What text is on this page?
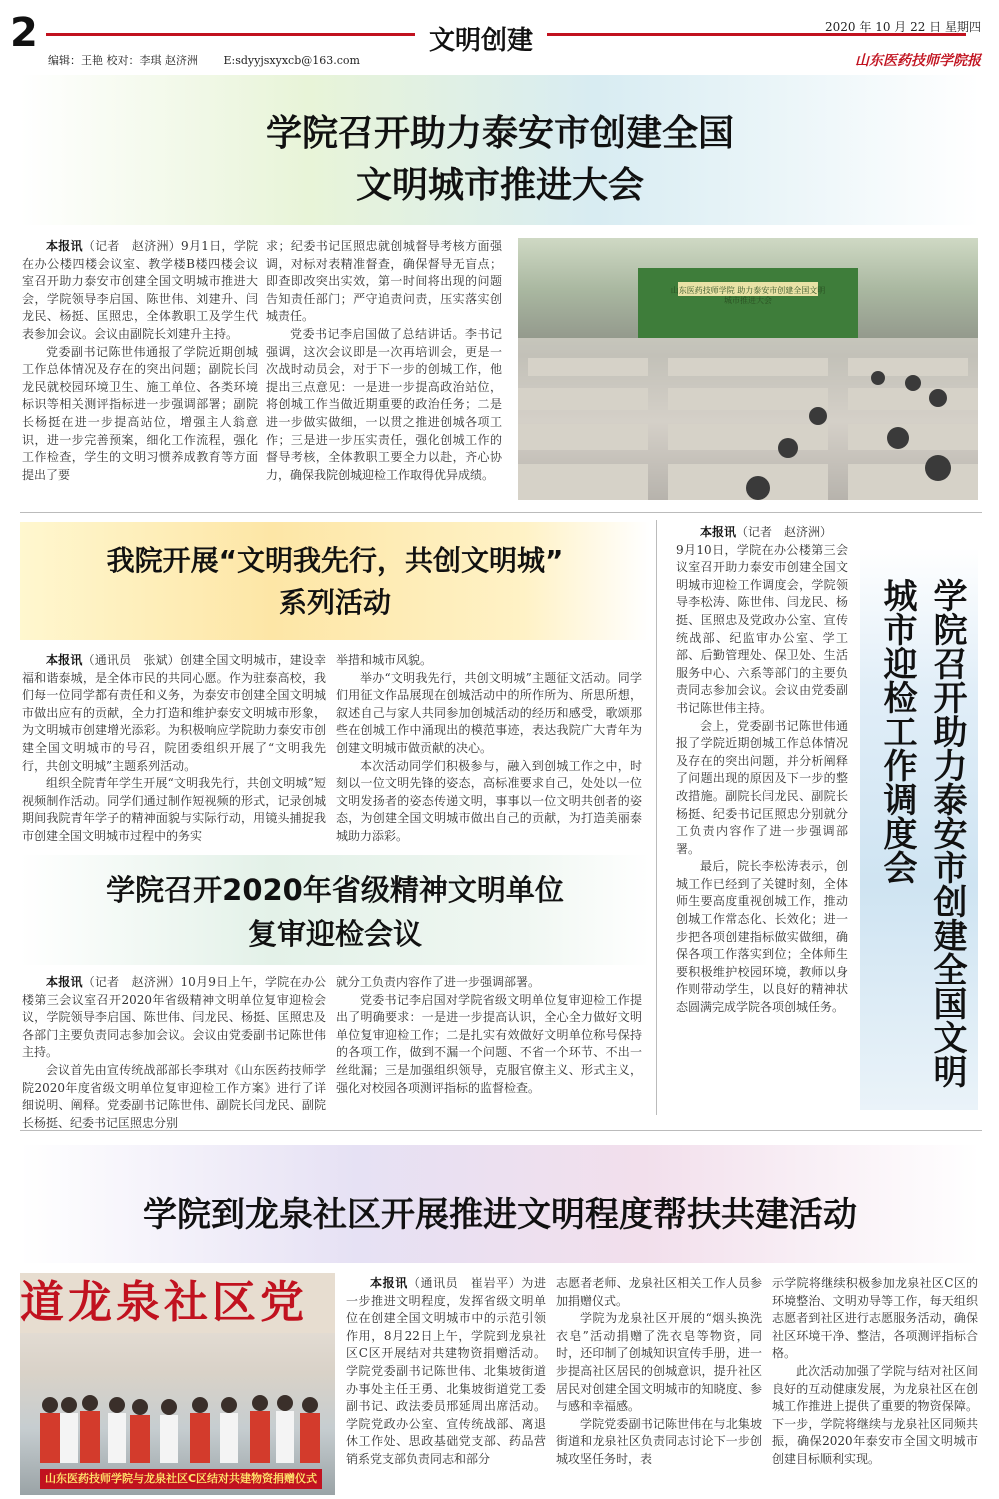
2	文明创建
编辑：王艳 校对：李琪 赵济洲 E:sdyyjsxyxcb@163.com
2020 年 10 月 22 日 星期四
山东医药技师学院报
学院召开助力泰安市创建全国
文明城市推进大会

本报讯（记者　赵济洲）9月1日，学院在办公楼四楼会议室、教学楼B楼四楼会议室召开助力泰安市创建全国文明城市推进大会，学院领导李启国、陈世伟、刘建升、闫龙民、杨挺、匡照忠，全体教职工及学生代表参加会议。会议由副院长刘建升主持。

党委副书记陈世伟通报了学院近期创城工作总体情况及存在的突出问题；副院长闫龙民就校园环境卫生、施工单位、各类环境标识等相关测评指标进一步强调部署；副院长杨挺在进一步提高站位，增强主人翁意识，进一步完善预案，细化工作流程，强化工作检查，学生的文明习惯养成教育等方面提出了要

求；纪委书记匡照忠就创城督导考核方面强调，对标对表精准督查，确保督导无盲点；即查即改突出实效，第一时间将出现的问题告知责任部门；严守追责问责，压实落实创城责任。

党委书记李启国做了总结讲话。李书记强调，这次会议即是一次再培训会，更是一次战时动员会，对于下一步的创城工作，他提出三点意见：一是进一步提高政治站位，将创城工作当做近期重要的政治任务；二是进一步做实做细，一以贯之推进创城各项工作；三是进一步压实责任，强化创城工作的督导考核，全体教职工要全力以赴，齐心协力，确保我院创城迎检工作取得优异成绩。

山东医药技师学院 助力泰安市创建全国文明城市推进大会
我院开展“文明我先行，共创文明城”
系列活动

本报讯（通讯员　张斌）创建全国文明城市，建设幸福和谐泰城，是全体市民的共同心愿。作为驻泰高校，我们每一位同学都有责任和义务，为泰安市创建全国文明城市做出应有的贡献，全力打造和维护泰安文明城市形象，为文明城市创建增光添彩。为积极响应学院助力泰安市创建全国文明城市的号召，院团委组织开展了“文明我先行，共创文明城”主题系列活动。

组织全院青年学生开展“文明我先行，共创文明城”短视频制作活动。同学们通过制作短视频的形式，记录创城期间我院青年学子的精神面貌与实际行动，用镜头捕捉我市创建全国文明城市过程中的务实

举措和城市风貌。

举办“文明我先行，共创文明城”主题征文活动。同学们用征文作品展现在创城活动中的所作所为、所思所想，叙述自己与家人共同参加创城活动的经历和感受，歌颂那些在创城工作中涌现出的模范事迹，表达我院广大青年为创建文明城市做贡献的决心。

本次活动同学们积极参与，融入到创城工作之中，时刻以一位文明先锋的姿态，高标准要求自己，处处以一位文明发扬者的姿态传递文明，事事以一位文明共创者的姿态，为创建全国文明城市做出自己的贡献，为打造美丽泰城助力添彩。

学院召开2020年省级精神文明单位
复审迎检会议

本报讯（记者　赵济洲）10月9日上午，学院在办公楼第三会议室召开2020年省级精神文明单位复审迎检会议，学院领导李启国、陈世伟、闫龙民、杨挺、匡照忠及各部门主要负责同志参加会议。会议由党委副书记陈世伟主持。

会议首先由宣传统战部部长李琪对《山东医药技师学院2020年度省级文明单位复审迎检工作方案》进行了详细说明、阐释。党委副书记陈世伟、副院长闫龙民、副院长杨挺、纪委书记匡照忠分别

就分工负责内容作了进一步强调部署。

党委书记李启国对学院省级文明单位复审迎检工作提出了明确要求：一是进一步提高认识，全心全力做好文明单位复审迎检工作；二是扎实有效做好文明单位称号保持的各项工作，做到不漏一个问题、不省一个环节、不出一丝纰漏；三是加强组织领导，克服官僚主义、形式主义，强化对校园各项测评指标的监督检查。

本报讯（记者　赵济洲）

9月10日，学院在办公楼第三会议室召开助力泰安市创建全国文明城市迎检工作调度会，学院领导李松涛、陈世伟、闫龙民、杨挺、匡照忠及党政办公室、宣传统战部、纪监审办公室、学工部、后勤管理处、保卫处、生活服务中心、六系等部门的主要负责同志参加会议。会议由党委副书记陈世伟主持。

会上，党委副书记陈世伟通报了学院近期创城工作总体情况及存在的突出问题，并分析阐释了问题出现的原因及下一步的整改措施。副院长闫龙民、副院长杨挺、纪委书记匡照忠分别就分工负责内容作了进一步强调部署。

最后，院长李松涛表示，创城工作已经到了关键时刻，全体师生要高度重视创城工作，推动创城工作常态化、长效化；进一步把各项创建指标做实做细，确保各项工作落实到位；全体师生要积极维护校园环境，教师以身作则带动学生，以良好的精神状态圆满完成学院各项创城任务。	学院召开助力泰安市创建全国文明城市迎检工作调度会
学院到龙泉社区开展推进文明程度帮扶共建活动
道龙泉社区党
山东医药技师学院与龙泉社区C区结对共建物资捐赠仪式

本报讯（通讯员　崔岩平）为进一步推进文明程度，发挥省级文明单位在创建全国文明城市中的示范引领作用，8月22日上午，学院到龙泉社区C区开展结对共建物资捐赠活动。学院党委副书记陈世伟、北集坡街道办事处主任王勇、北集坡街道党工委副书记、政法委员邢延周出席活动。学院党政办公室、宣传统战部、离退休工作处、思政基础党支部、药品营销系党支部负责同志和部分

志愿者老师、龙泉社区相关工作人员参加捐赠仪式。

学院为龙泉社区开展的“烟头换洗衣皂”活动捐赠了洗衣皂等物资，同时，还印制了创城知识宣传手册，进一步提高社区居民的创城意识，提升社区居民对创建全国文明城市的知晓度、参与感和幸福感。

学院党委副书记陈世伟在与北集坡街道和龙泉社区负责同志讨论下一步创城攻坚任务时，表

示学院将继续积极参加龙泉社区C区的环境整治、文明劝导等工作，每天组织志愿者到社区进行志愿服务活动，确保社区环境干净、整洁，各项测评指标合格。

此次活动加强了学院与结对社区间良好的互动健康发展，为龙泉社区在创城工作推进上提供了重要的物资保障。下一步，学院将继续与龙泉社区同频共振，确保2020年泰安市全国文明城市创建目标顺利实现。
